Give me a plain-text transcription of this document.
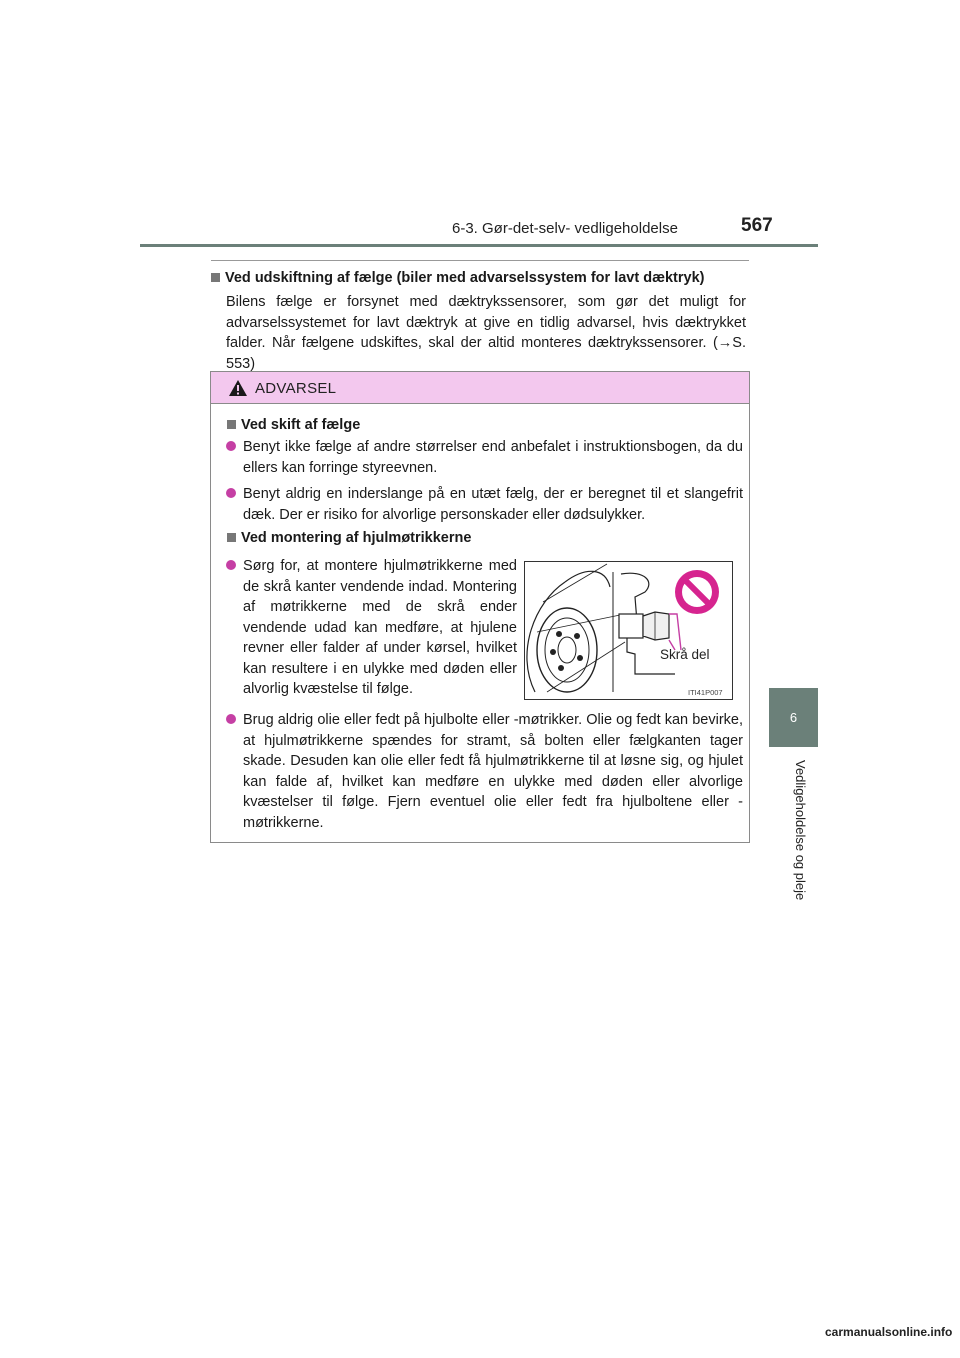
6-3. Gør-det-selv- vedligeholdelse	567
6
Vedligeholdelse og pleje
Ved udskiftning af fælge (biler med advarselssystem for lavt dæktryk)
Bilens fælge er forsynet med dæktrykssensorer, som gør det muligt for advarselssystemet for lavt dæktryk at give en tidlig advarsel, hvis dæktrykket falder. Når fælgene udskiftes, skal der altid monteres dæktrykssensorer. (→S. 553)
ADVARSEL
Ved skift af fælge
Benyt ikke fælge af andre størrelser end anbefalet i instruktionsbogen, da du ellers kan forringe styreevnen.
Benyt aldrig en inderslange på en utæt fælg, der er beregnet til et slangefrit dæk. Der er risiko for alvorlige personskader eller dødsulykker.
Ved montering af hjulmøtrikkerne
Sørg for, at montere hjulmøtrikkerne med de skrå kanter vendende indad. Montering af møtrikkerne med de skrå ender vendende udad kan medføre, at hjulene revner eller falder af under kørsel, hvilket kan resultere i en ulykke med døden eller alvorlig kvæstelse til følge.
Skrå del
ITI41P007
Brug aldrig olie eller fedt på hjulbolte eller -møtrikker. Olie og fedt kan bevirke, at hjulmøtrikkerne spændes for stramt, så bolten eller fælgkanten tager skade. Desuden kan olie eller fedt få hjulmøtrikkerne til at løsne sig, og hjulet kan falde af, hvilket kan medføre en ulykke med døden eller alvorlige kvæstelser til følge. Fjern eventuel olie eller fedt fra hjulboltene eller -møtrikkerne.
carmanualsonline.info
